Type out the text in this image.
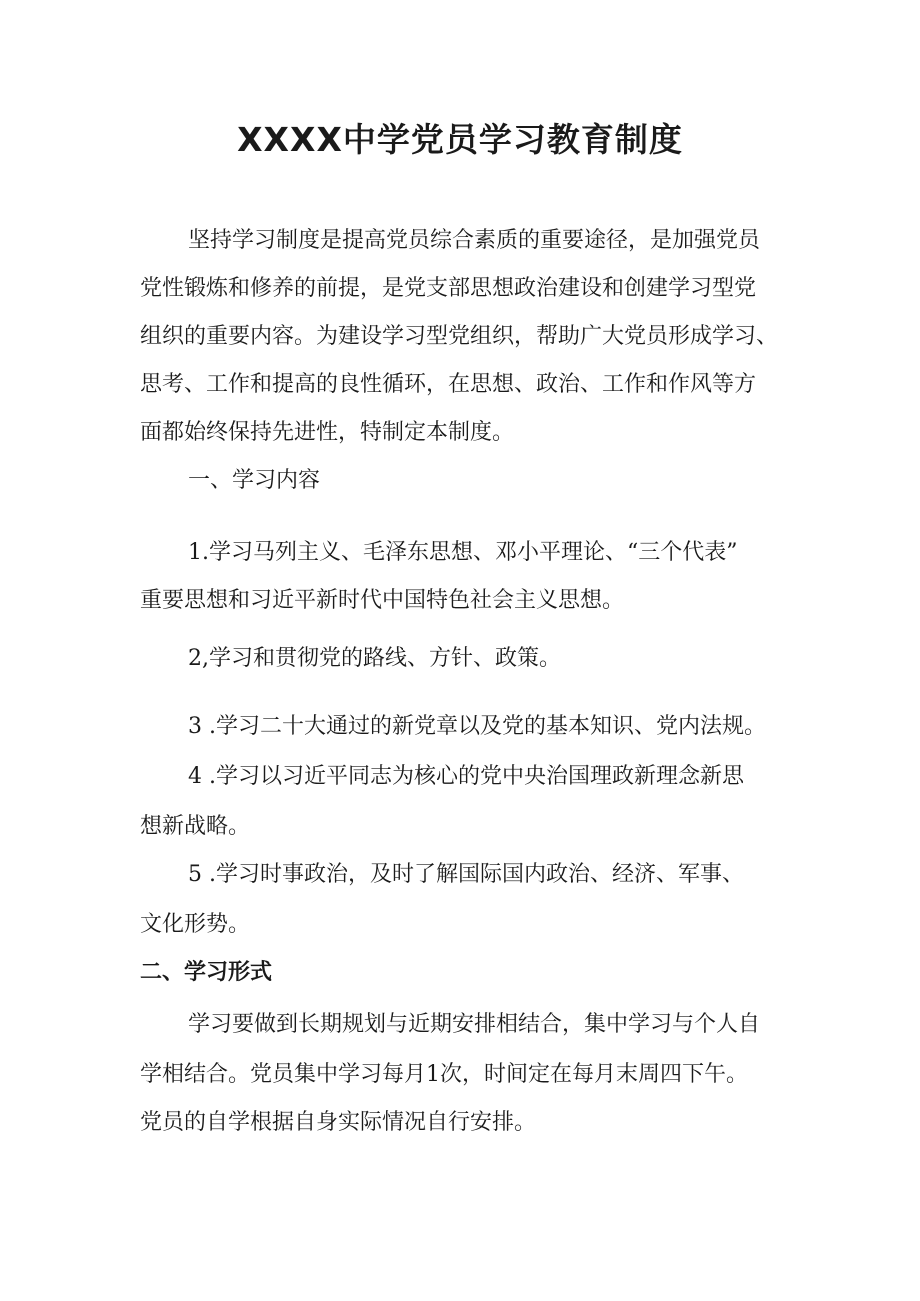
XXXX中学党员学习教育制度

坚持学习制度是提高党员综合素质的重要途径，是加强党员

党性锻炼和修养的前提，是党支部思想政治建设和创建学习型党

组织的重要内容。为建设学习型党组织，帮助广大党员形成学习、

思考、工作和提高的良性循环，在思想、政治、工作和作风等方

面都始终保持先进性，特制定本制度。

一、学习内容

1.学习马列主义、毛泽东思想、邓小平理论、“三个代表”

重要思想和习近平新时代中国特色社会主义思想。

2,学习和贯彻党的路线、方针、政策。

3 .学习二十大通过的新党章以及党的基本知识、党内法规。

4 .学习以习近平同志为核心的党中央治国理政新理念新思

想新战略。

5 .学习时事政治，及时了解国际国内政治、经济、军事、

文化形势。

二、学习形式

学习要做到长期规划与近期安排相结合，集中学习与个人自

学相结合。党员集中学习每月1次，时间定在每月末周四下午。

党员的自学根据自身实际情况自行安排。
